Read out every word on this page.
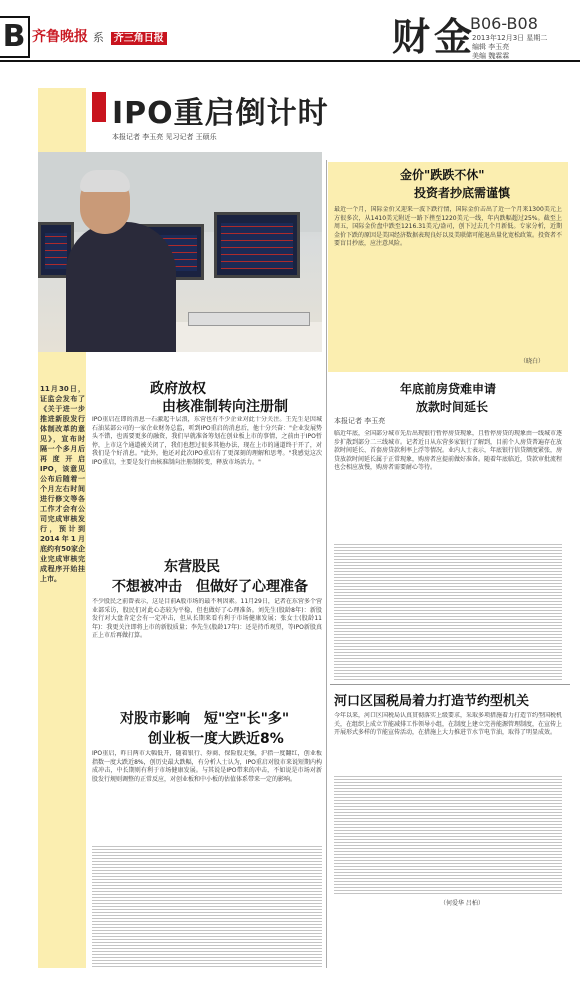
B 齐鲁晚报 系 齐三角日报	财金
B06-B08
2013年12月3日 星期二
编辑 李玉亮
美编 魏霖霖
IPO重启倒计时
本报记者 李玉亮 见习记者 王硕乐
11月30日，证监会发布了《关于进一步推进新股发行体制改革的意见》，宣布时隔一个多月后再度开启IPO，该意见公布后随着一个月左右时间进行修文等各工作才会有公司完成审核发行，预计到2014年1月底约有50家企业完成审核完成程序开始挂上市。
政府放权
由核准制转向注册制
IPO重启在即的消息一石激起千层浪，东营也有不少企业对此十分关注。王先生是因城石油某部公司的一家企业财务总监，听到IPO重启的消息后，他十分兴奋："企业发展势头不错，也需要更多的融资，我们早就准备筹划在创业板上市的事情，之前由于IPO暂停，上市这个通道被关闭了，我们也想过很多其他办法，现在上市的通道终于开了，对我们是个好消息。"此外，他还对此次IPO重启有了更深刻的理解和思考。"我感觉这次IPO重启，主要是发行由核准制向注册制转变，释放市场活力。"
东营股民
不想被冲击　但做好了心理准备
不少股民之前曾表示，这是目前A股市场的最不利因素。11月29日，记者在东营多个营业部采访，股民们对此心态较为平稳，但也做好了心理准备。刘先生(股龄8年)：新股发行对大盘肯定会有一定冲击，但从长期来看有利于市场健康发展；张女士(股龄11年)：我更关注即将上市的新股质量；李先生(股龄17年)：还是持币观望，等IPO新股真正上市后再做打算。
对股市影响　短"空"长"多"
创业板一度大跌近8%
IPO重启，昨日两市大幅低开，随着银行、券商、保险股走强，沪指一度翻红，创业板指数一度大跌近8%，创历史最大跌幅，有分析人士认为，IPO重启对股市来说短期内构成冲击，中长期则有利于市场健康发展。与其说是IPO带来的冲击，不如说是市场对新股发行规则调整的正常反应，对创业板和中小板的估值体系带来一定的影响。
金价"跌跌不休"
投资者抄底需谨慎
最近一个月，国际金价又迎来一波下跌行情，国际金价击出了近一个月来1300美元上方很多次，从1410美元附近一路下挫至1220美元一线，年内跌幅超过25%。截至上周五，国际金价盘中跌至1216.31美元/盎司，创下过去几个月新低。专家分析，近期金价下跌的原因是美国经济数据表现良好以及美联储可能退出量化宽松政策。投资者不要盲目抄底，应注意风险。
（晓白）
年底前房贷难申请
放款时间延长
本报记者 李玉亮
临近年底，全国部分城市先后出现银行暂停房贷现象，且暂停房贷的现象由一线城市逐步扩散到部分二三线城市。记者近日从东营多家银行了解到，目前个人房贷普遍存在放款时间延长、首套房贷款利率上浮等情况。业内人士表示，年底银行信贷额度紧张，房贷放款时间延长属于正常现象，购房者应提前做好准备。随着年底临近，贷款审批流程也会相应放慢，购房者需要耐心等待。
河口区国税局着力打造节约型机关
今年以来，河口区国税局认真贯彻落实上级要求，采取多项措施着力打造节约型国税机关，在组织上成立节能减排工作领导小组，在制度上建立完善能源管理制度，在宣传上开展形式多样的节能宣传活动，在措施上大力推进节水节电节油，取得了明显成效。
（何爱华 吕柏）
